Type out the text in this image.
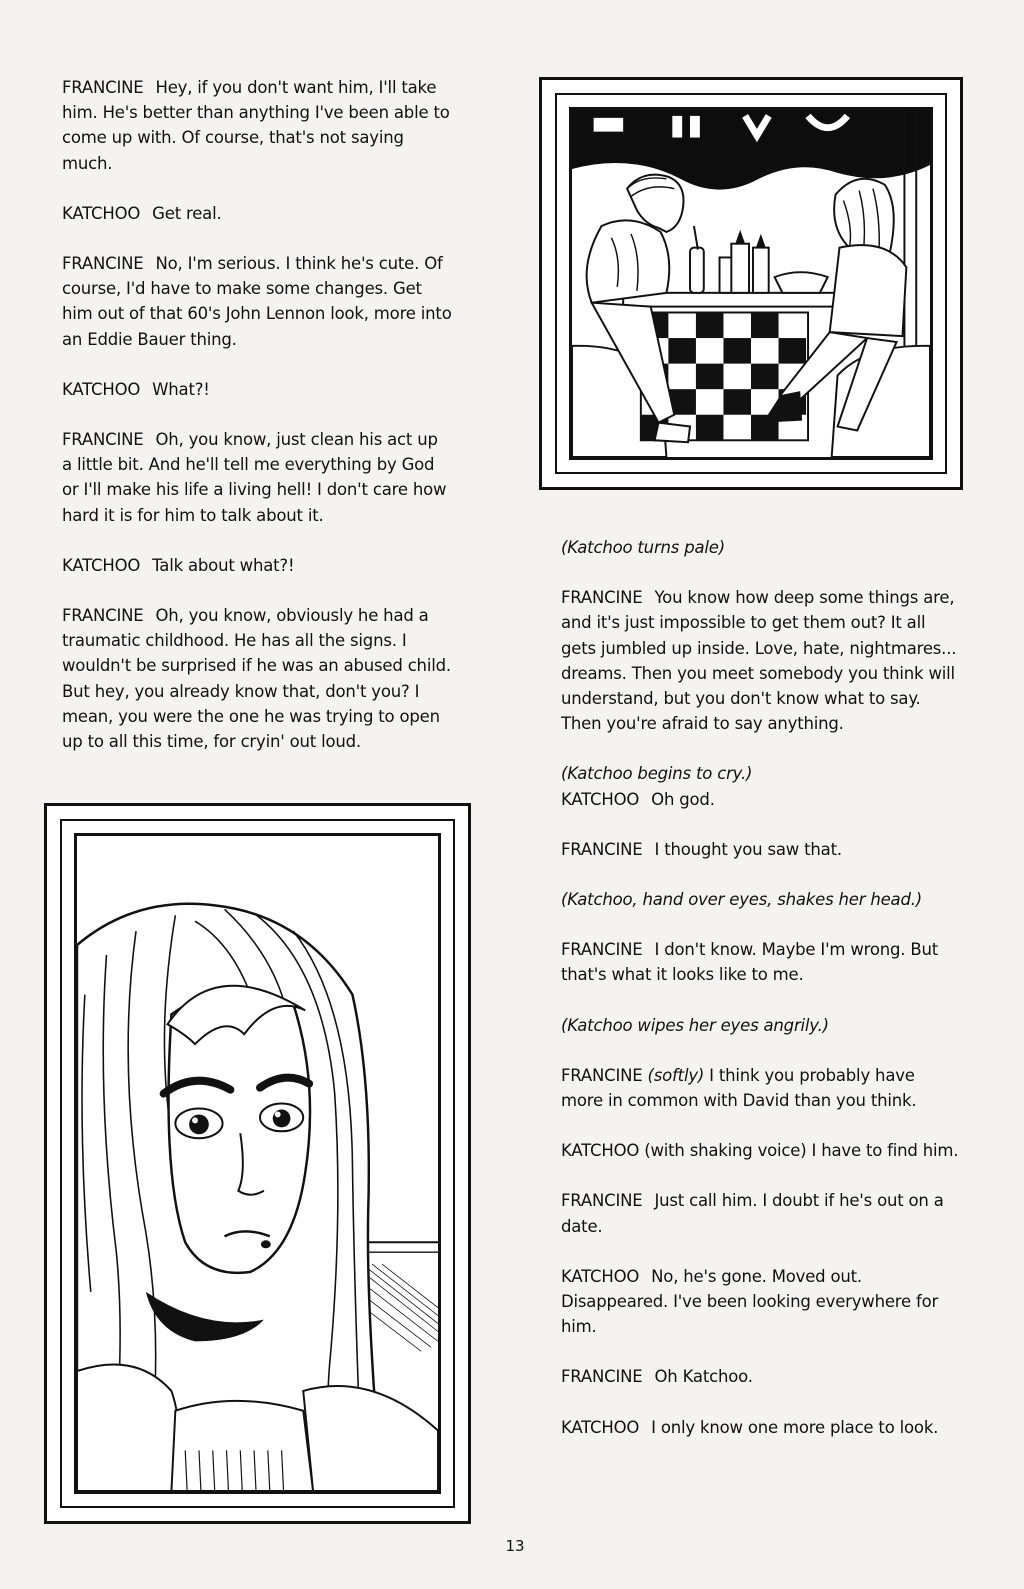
FRANCINE Hey, if you don't want him, I'll take him. He's better than anything I've been able to come up with. Of course, that's not saying much.
KATCHOO Get real.
FRANCINE No, I'm serious. I think he's cute. Of course, I'd have to make some changes. Get him out of that 60's John Lennon look, more into an Eddie Bauer thing.
KATCHOO What?!
FRANCINE Oh, you know, just clean his act up a little bit. And he'll tell me everything by God or I'll make his life a living hell! I don't care how hard it is for him to talk about it.
KATCHOO Talk about what?!
FRANCINE Oh, you know, obviously he had a traumatic childhood. He has all the signs. I wouldn't be surprised if he was an abused child. But hey, you already know that, don't you? I mean, you were the one he was trying to open up to all this time, for cryin' out loud.
(Katchoo turns pale)
FRANCINE You know how deep some things are, and it's just impossible to get them out? It all gets jumbled up inside. Love, hate, nightmares... dreams. Then you meet somebody you think will understand, but you don't know what to say. Then you're afraid to say anything.
(Katchoo begins to cry.)
KATCHOO Oh god.
FRANCINE I thought you saw that.
(Katchoo, hand over eyes, shakes her head.)
FRANCINE I don't know. Maybe I'm wrong. But that's what it looks like to me.
(Katchoo wipes her eyes angrily.)
FRANCINE (softly) I think you probably have more in common with David than you think.
KATCHOO (with shaking voice) I have to find him.
FRANCINE Just call him. I doubt if he's out on a date.
KATCHOO No, he's gone. Moved out. Disappeared. I've been looking everywhere for him.
FRANCINE Oh Katchoo.
KATCHOO I only know one more place to look.
13
